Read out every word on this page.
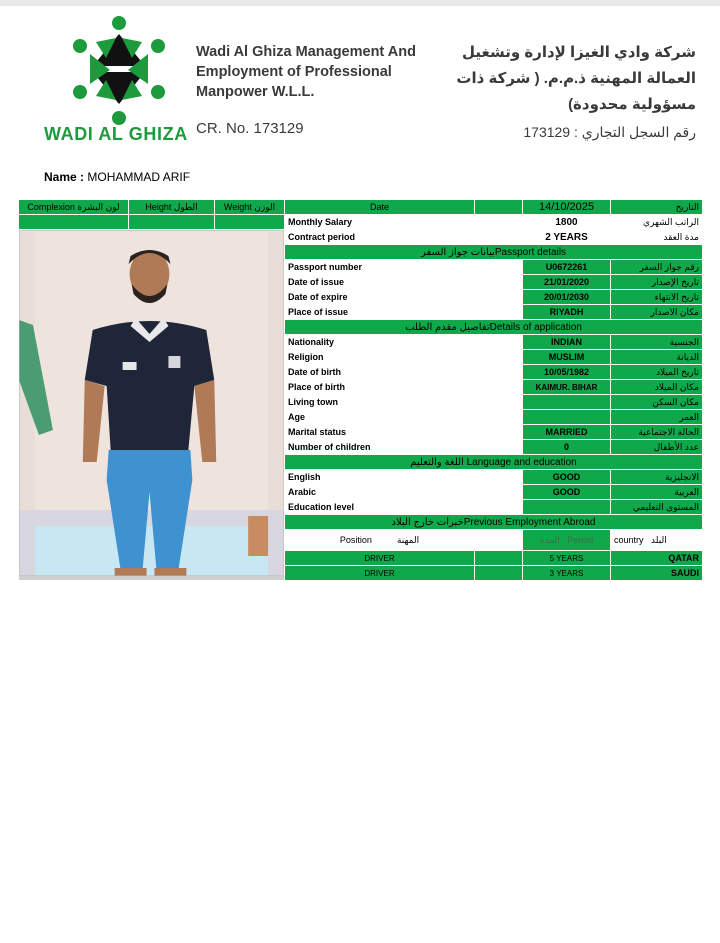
WADI AL GHIZA
Wadi Al Ghiza Management And Employment of Professional Manpower W.L.L.
CR. No. 173129
شركة وادي الغيزا لإدارة وتشغيل العمالة المهنية ذ.م.م. ( شركة ذات مسؤولية محدودة)
رقم السجل التجاري : 173129
Name : MOHAMMAD ARIF
Complexion لون البشرة	Height الطول	Weight الوزن	Date		14/10/2025	التاريخ
			Monthly Salary		1800	الراتب الشهري
	Contract period		2 YEARS	مدة العقد
			بيانات جواز السفرPassport details			
			Passport number		U0672261	رقم جواز السفر
			Date of issue		21/01/2020	تاريخ الإصدار
			Date of expire		20/01/2030	تاريخ الانتهاء
			Place of issue		RIYADH	مكان الاصدار
			تفاصيل مقدم الطلبDetails of application			
			Nationality		INDIAN	الجنسية
			Religion		MUSLIM	الديانة
			Date of birth		10/05/1982	تاريخ الميلاد
			Place of birth		KAIMUR. BIHAR	مكان الميلاد
			Living town			مكان السكن
			Age			العمر
			Marital status		MARRIED	الحالة الاجتماعية
			Number of children		0	عدد الأطفال
			اللغة والتعليم Language and education			
			English		GOOD	الانجليزية
			Arabic		GOOD	العربية
			Education level			المستوى التعليمي
			خبرات خارج البلادPrevious Employment Abroad			
			Position المهنة		المدة Period	country البلد
			DRIVER		5 YEARS	QATAR
			DRIVER		3 YEARS	SAUDI
